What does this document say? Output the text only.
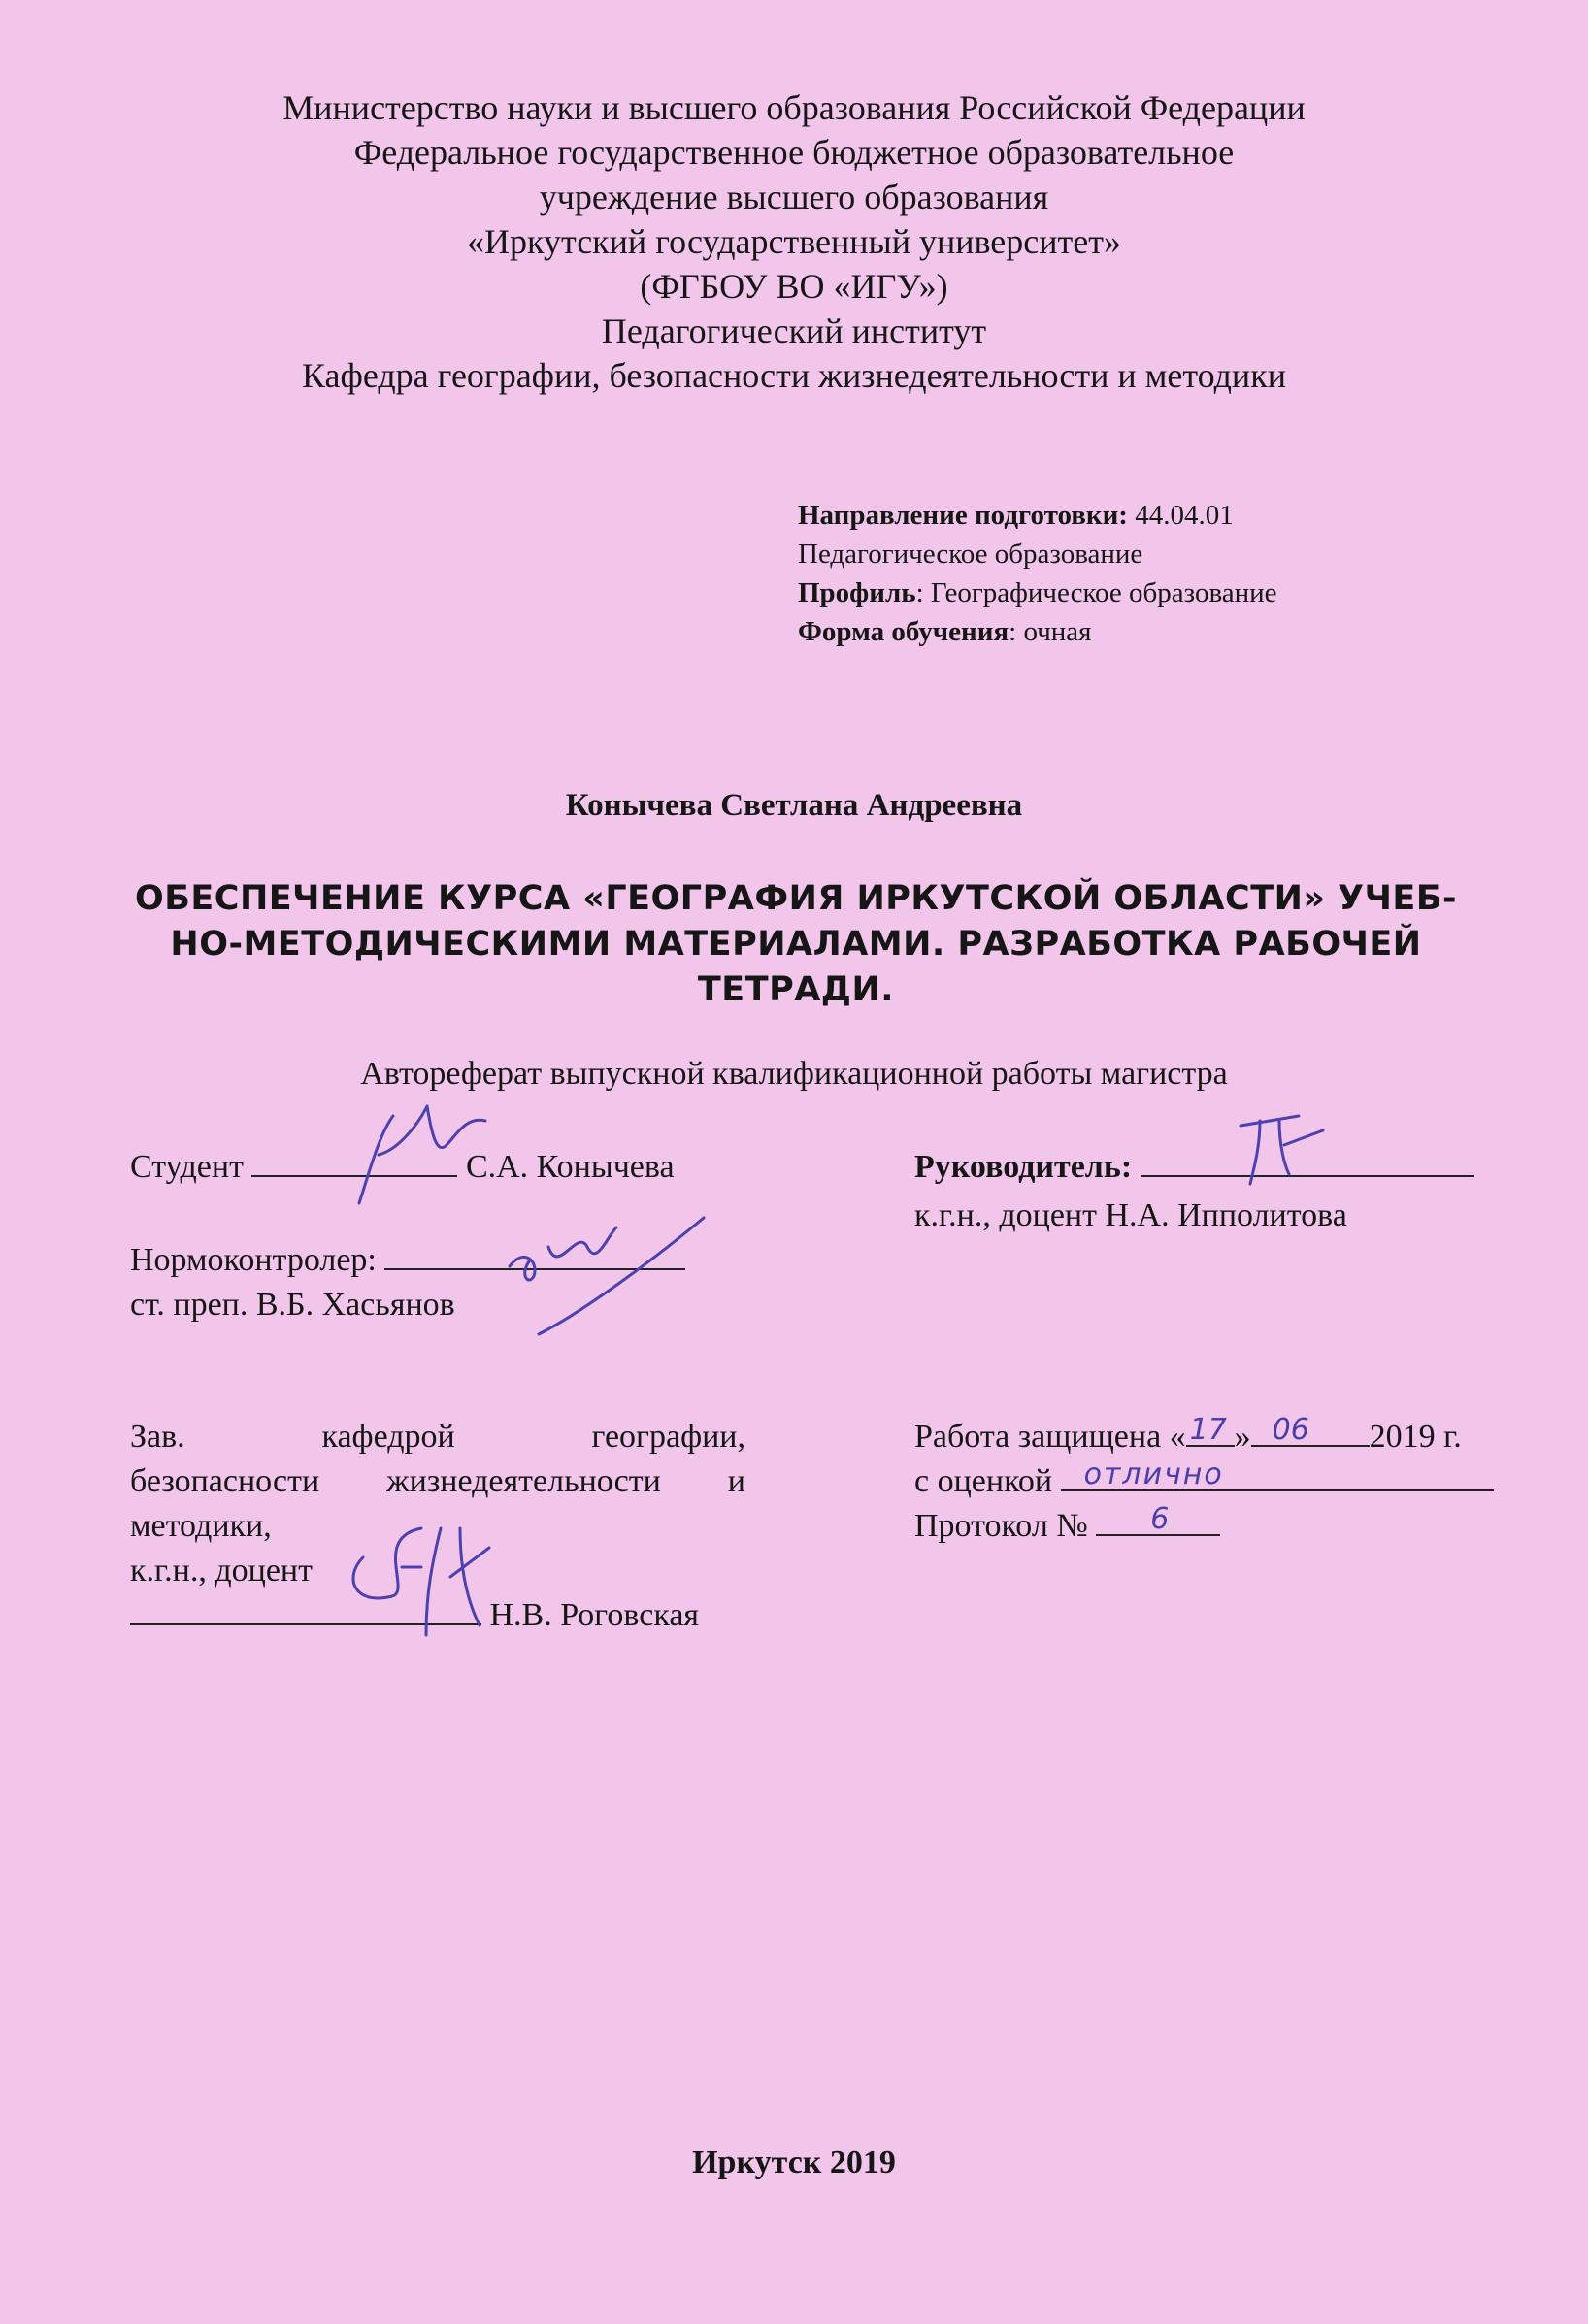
Министерство науки и высшего образования Российской Федерации
Федеральное государственное бюджетное образовательное
учреждение высшего образования
«Иркутский государственный университет»
(ФГБОУ ВО «ИГУ»)
Педагогический институт
Кафедра географии, безопасности жизнедеятельности и методики
Направление подготовки: 44.04.01
Педагогическое образование
Профиль: Географическое образование
Форма обучения: очная
Конычева Светлана Андреевна
ОБЕСПЕЧЕНИЕ КУРСА «ГЕОГРАФИЯ ИРКУТСКОЙ ОБЛАСТИ» УЧЕБ-
НО-МЕТОДИЧЕСКИМИ МАТЕРИАЛАМИ. РАЗРАБОТКА РАБОЧЕЙ
ТЕТРАДИ.
Автореферат выпускной квалификационной работы магистра
Студент	С.А. Конычева	Руководитель:
к.г.н., доцент Н.А. Ипполитова
Нормоконтролер:
ст. преп. В.Б. Хасьянов
Зав.	кафедрой	географии,
безопасности жизнедеятельности и
методики,
к.г.н., доцент
Н.В. Роговская
Работа защищена « 17 » 06 2019 г.
с оценкой отлично
Протокол № 6
Иркутск 2019
